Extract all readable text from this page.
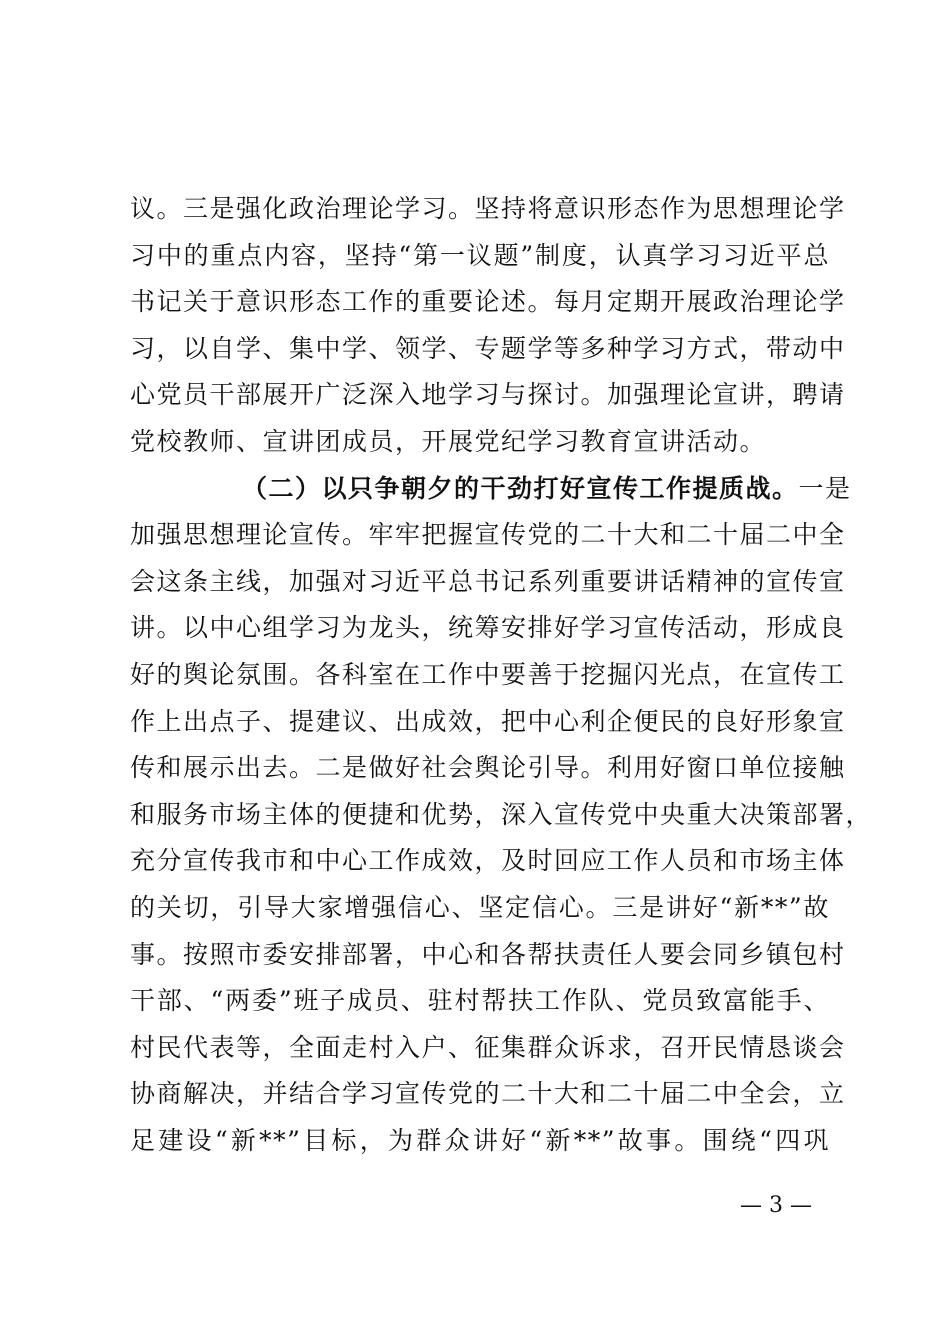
议。三是强化政治理论学习。坚持将意识形态作为思想理论学
习中的重点内容，坚持“第一议题”制度，认真学习习近平总
书记关于意识形态工作的重要论述。每月定期开展政治理论学
习，以自学、集中学、领学、专题学等多种学习方式，带动中
心党员干部展开广泛深入地学习与探讨。加强理论宣讲，聘请
党校教师、宣讲团成员，开展党纪学习教育宣讲活动。
（二）以只争朝夕的干劲打好宣传工作提质战。一是
加强思想理论宣传。牢牢把握宣传党的二十大和二十届二中全
会这条主线，加强对习近平总书记系列重要讲话精神的宣传宣
讲。以中心组学习为龙头，统筹安排好学习宣传活动，形成良
好的舆论氛围。各科室在工作中要善于挖掘闪光点，在宣传工
作上出点子、提建议、出成效，把中心利企便民的良好形象宣
传和展示出去。二是做好社会舆论引导。利用好窗口单位接触
和服务市场主体的便捷和优势，深入宣传党中央重大决策部署，
充分宣传我市和中心工作成效，及时回应工作人员和市场主体
的关切，引导大家增强信心、坚定信心。三是讲好“新**”故
事。按照市委安排部署，中心和各帮扶责任人要会同乡镇包村
干部、“两委”班子成员、驻村帮扶工作队、党员致富能手、
村民代表等，全面走村入户、征集群众诉求，召开民情恳谈会
协商解决，并结合学习宣传党的二十大和二十届二中全会，立
足建设“新**”目标，为群众讲好“新**”故事。围绕“四巩
— 3 —
